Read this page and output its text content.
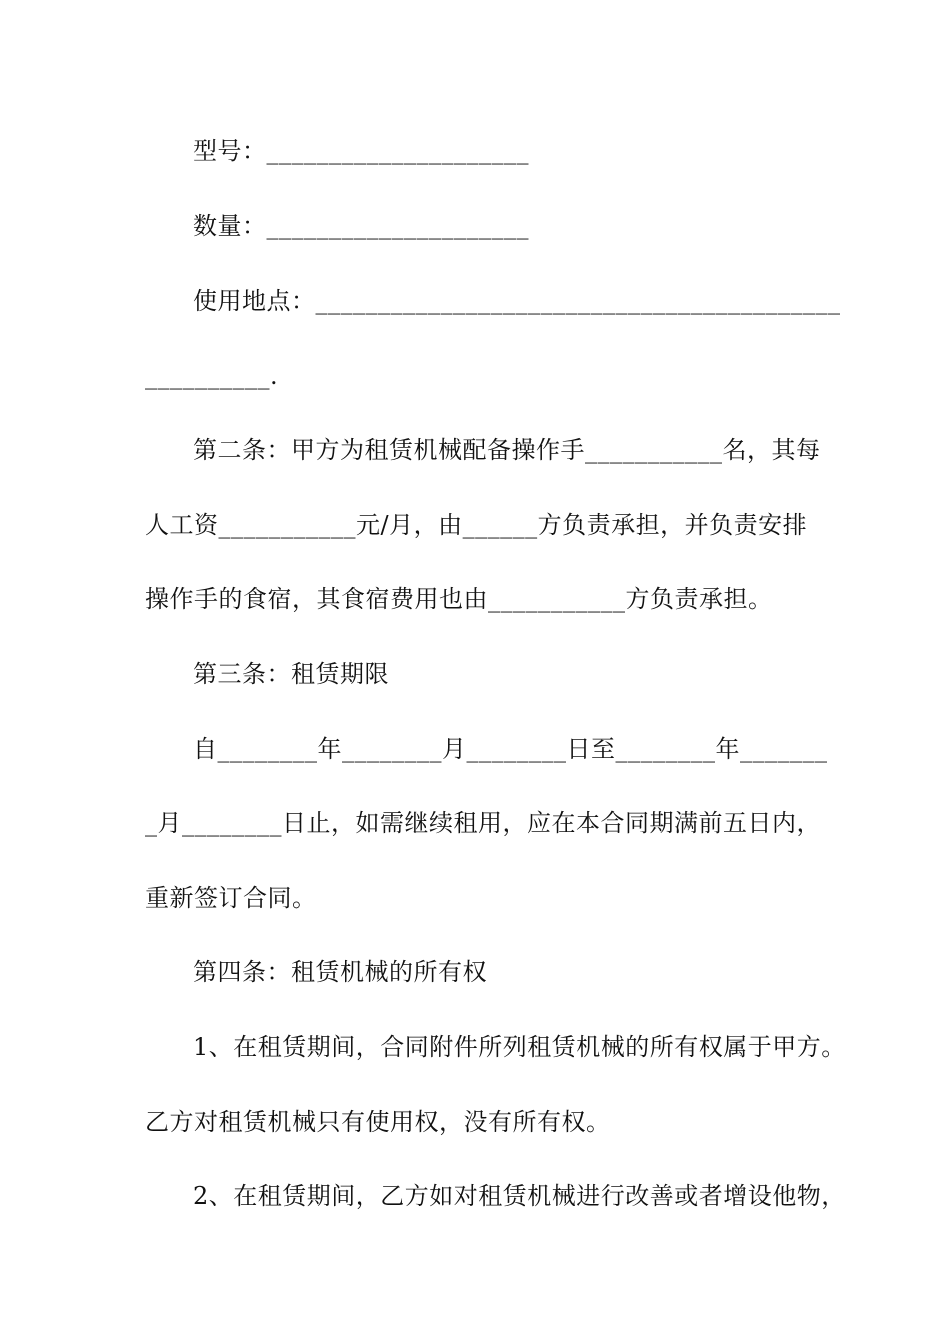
型号：_____________________
数量：_____________________
使用地点：__________________________________________
__________.
第二条：甲方为租赁机械配备操作手___________名，其每
人工资___________元/月，由______方负责承担，并负责安排
操作手的食宿，其食宿费用也由___________方负责承担。
第三条：租赁期限
自________年________月________日至________年_______
_月________日止，如需继续租用，应在本合同期满前五日内，
重新签订合同。
第四条：租赁机械的所有权
1、在租赁期间，合同附件所列租赁机械的所有权属于甲方。
乙方对租赁机械只有使用权，没有所有权。
2、在租赁期间，乙方如对租赁机械进行改善或者增设他物，
